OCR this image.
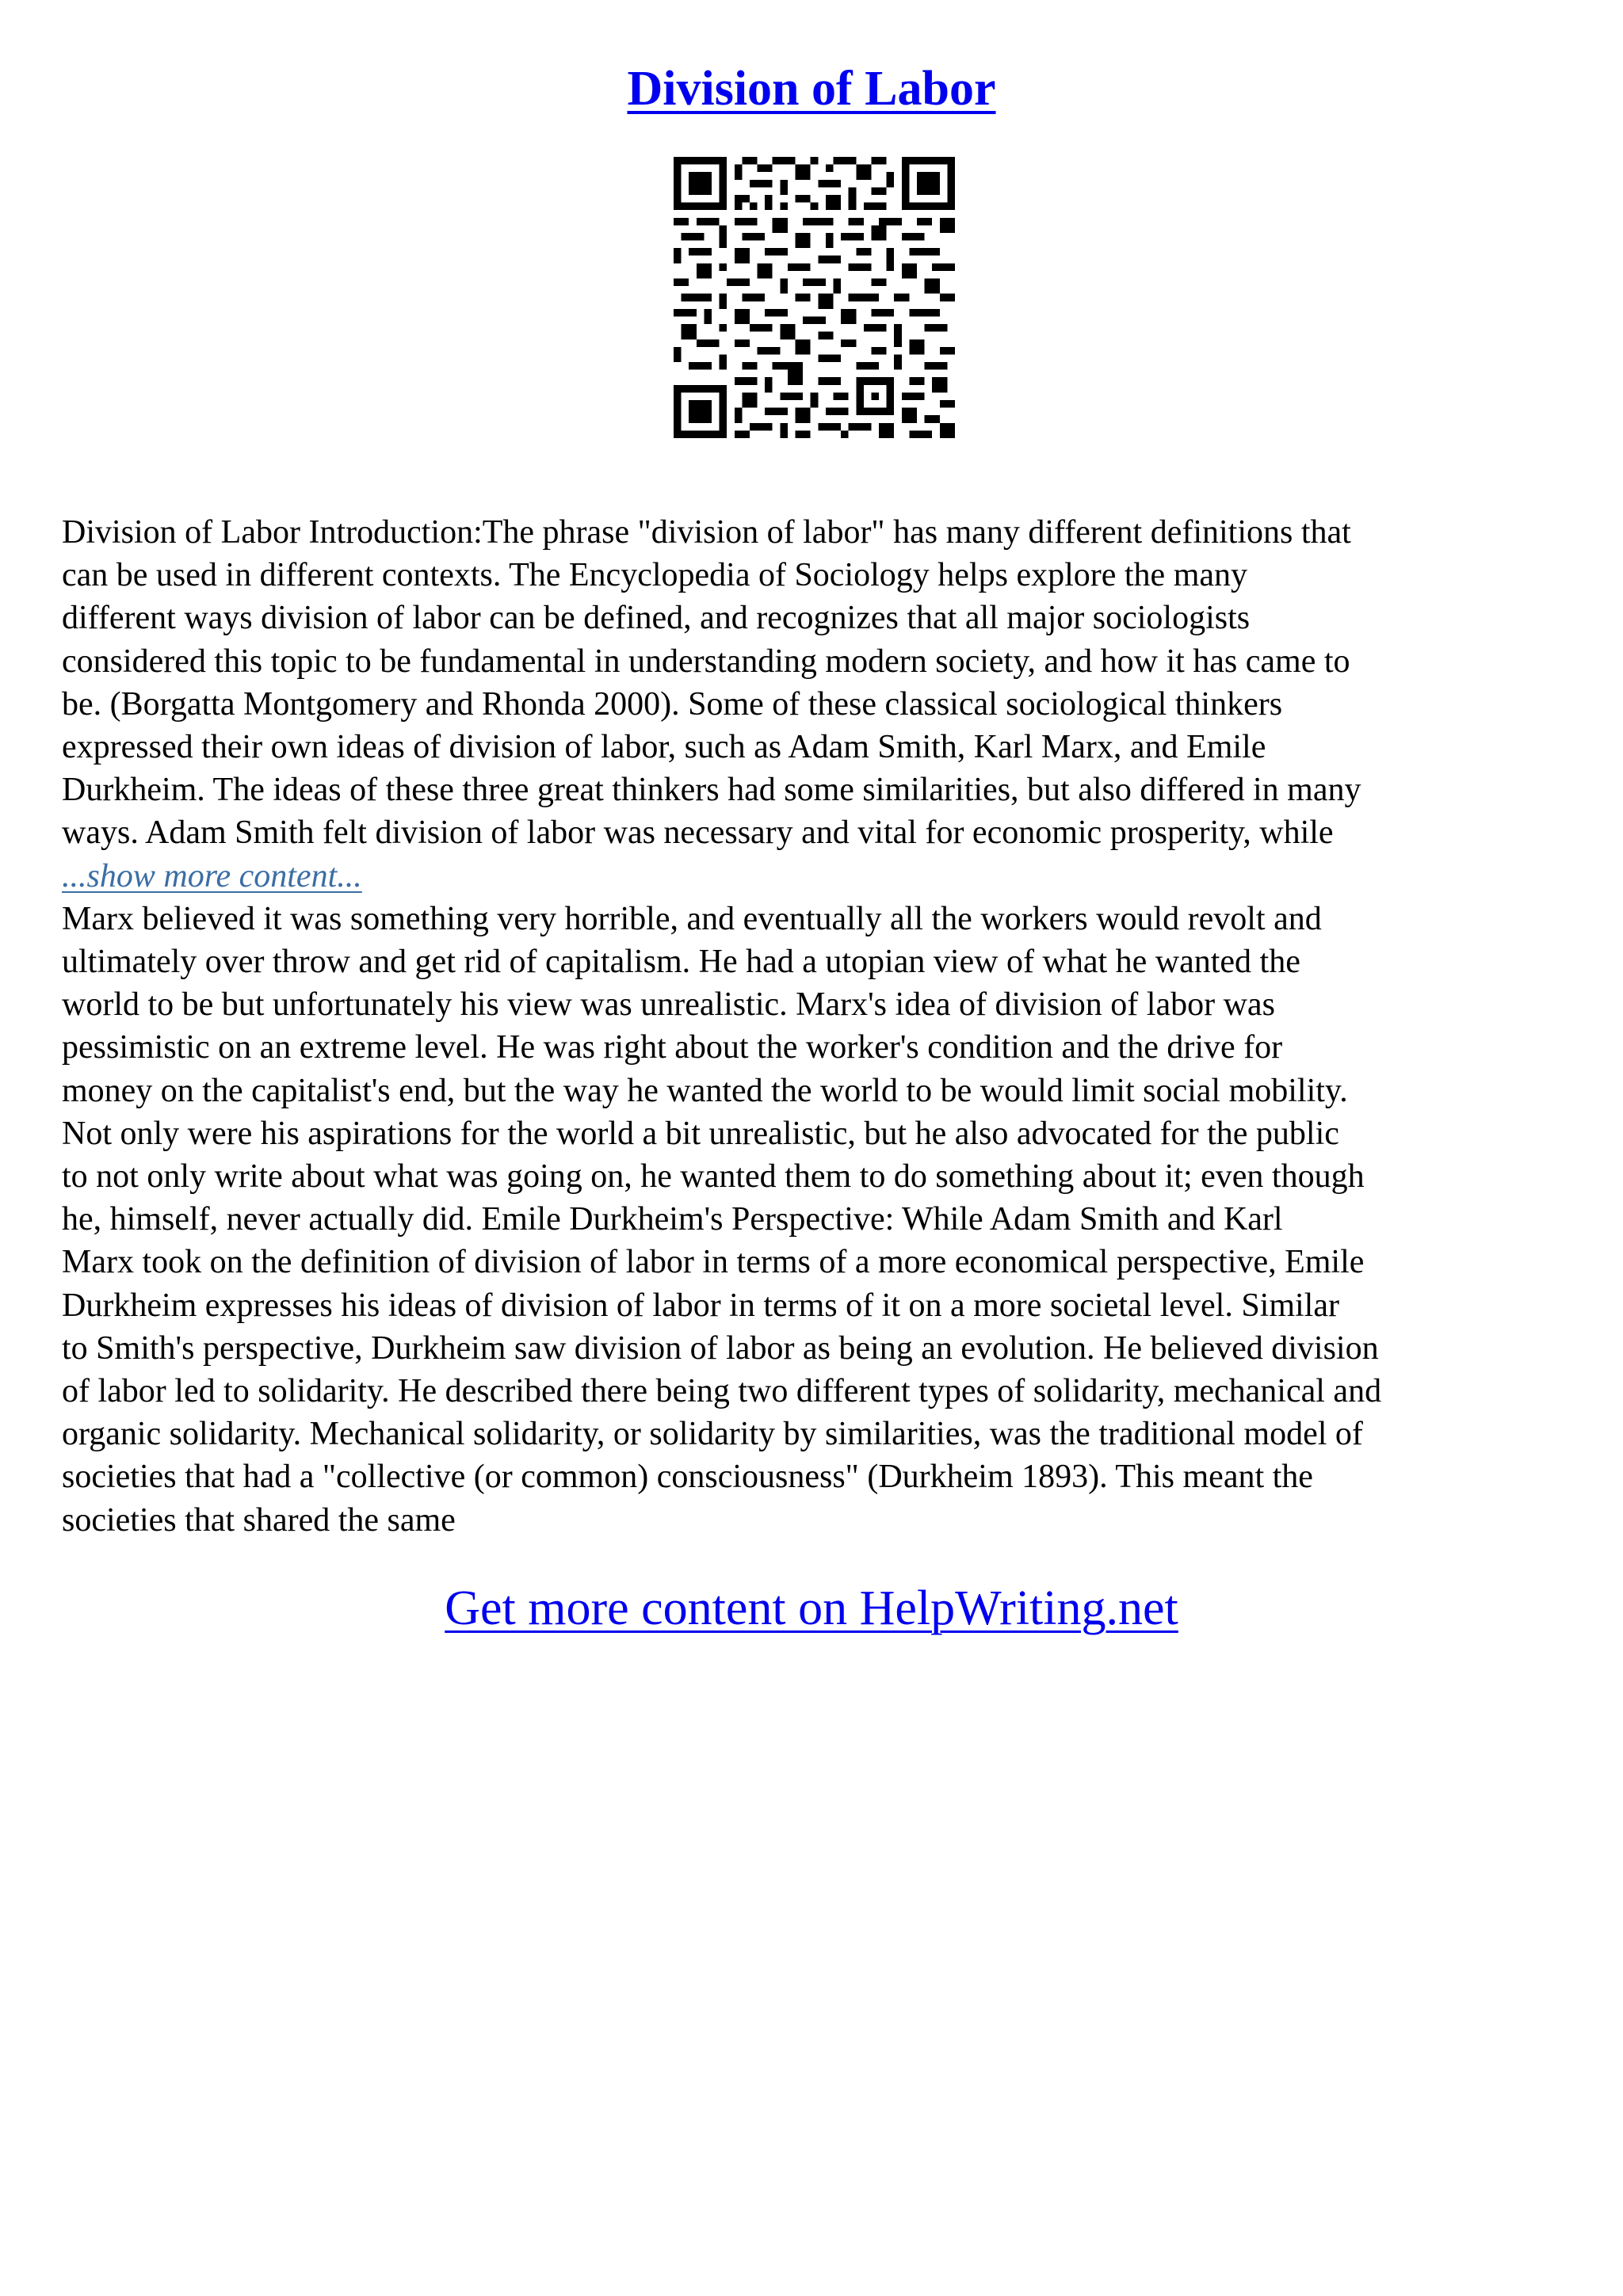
Division of Labor
Division of Labor Introduction:The phrase "division of labor" has many different definitions that
can be used in different contexts. The Encyclopedia of Sociology helps explore the many
different ways division of labor can be defined, and recognizes that all major sociologists
considered this topic to be fundamental in understanding modern society, and how it has came to
be. (Borgatta Montgomery and Rhonda 2000). Some of these classical sociological thinkers
expressed their own ideas of division of labor, such as Adam Smith, Karl Marx, and Emile
Durkheim. The ideas of these three great thinkers had some similarities, but also differed in many
ways. Adam Smith felt division of labor was necessary and vital for economic prosperity, while
...show more content...
Marx believed it was something very horrible, and eventually all the workers would revolt and
ultimately over throw and get rid of capitalism. He had a utopian view of what he wanted the
world to be but unfortunately his view was unrealistic. Marx's idea of division of labor was
pessimistic on an extreme level. He was right about the worker's condition and the drive for
money on the capitalist's end, but the way he wanted the world to be would limit social mobility.
Not only were his aspirations for the world a bit unrealistic, but he also advocated for the public
to not only write about what was going on, he wanted them to do something about it; even though
he, himself, never actually did. Emile Durkheim's Perspective: While Adam Smith and Karl
Marx took on the definition of division of labor in terms of a more economical perspective, Emile
Durkheim expresses his ideas of division of labor in terms of it on a more societal level. Similar
to Smith's perspective, Durkheim saw division of labor as being an evolution. He believed division
of labor led to solidarity. He described there being two different types of solidarity, mechanical and
organic solidarity. Mechanical solidarity, or solidarity by similarities, was the traditional model of
societies that had a "collective (or common) consciousness" (Durkheim 1893). This meant the
societies that shared the same

Get more content on HelpWriting.net
